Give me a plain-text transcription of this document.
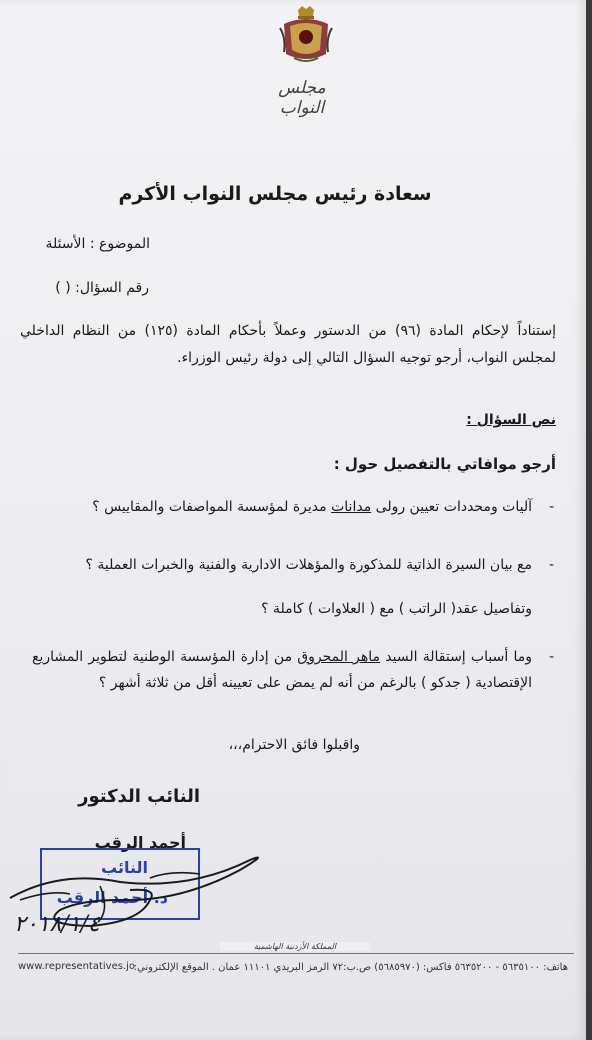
مجلس النواب
سعادة رئيس مجلس النواب الأكرم
الموضوع : الأسئلة
رقم السؤال: ( )
إستناداً لإحكام المادة (٩٦) من الدستور وعملاً بأحكام المادة (١٢٥) من النظام الداخلي لمجلس النواب، أرجو توجيه السؤال التالي إلى دولة رئيس الوزراء.
نص السؤال :
أرجو موافاتي بالتفصيل حول :
-
آليات ومحددات تعيين رولى مدانات مديرة لمؤسسة المواصفات والمقاييس ؟
-
مع بيان السيرة الذاتية للمذكورة والمؤهلات الادارية والفنية والخبرات العملية ؟
وتفاصيل عقد( الراتب ) مع ( العلاوات ) كاملة ؟
-
وما أسباب إستقالة السيد ماهر المحروق من إدارة المؤسسة الوطنية لتطوير المشاريع الإقتصادية ( جدكو ) بالرغم من أنه لم يمض على تعيينه أقل من ثلاثة أشهر ؟
واقبلوا فائق الاحترام،،،
النائب الدكتور
أحمد الرقب
النائب
د. أحمد الرقب
٢٠١٨/١/٤
المملكة الأردنية الهاشمية
هاتف: ٥٦٣٥١٠٠ - ٥٦٣٥٢٠٠ فاكس: (٥٦٨٥٩٧٠) ص.ب:٧٢ الرمز البريدي ١١١٠١ عمان . الموقع الإلكتروني:
www.representatives.jo
